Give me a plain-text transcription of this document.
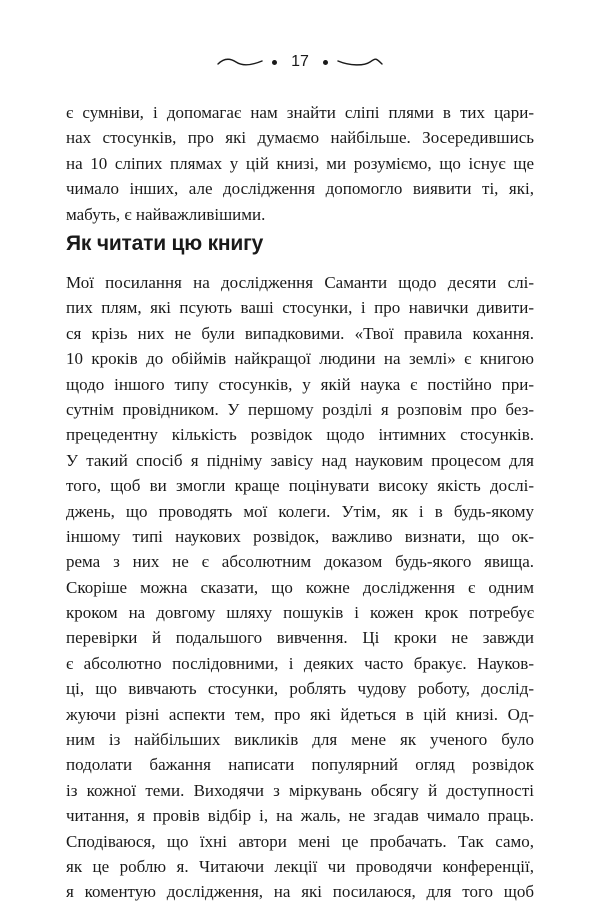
17
є сумніви, і допомагає нам знайти сліпі плями в тих цари-
нах стосунків, про які думаємо найбільше. Зосередившись
на 10 сліпих плямах у цій книзі, ми розуміємо, що існує ще
чимало інших, але дослідження допомогло виявити ті, які,
мабуть, є найважливішими.
Як читати цю книгу
Мої посилання на дослідження Саманти щодо десяти слі-
пих плям, які псують ваші стосунки, і про навички дивити-
ся крізь них не були випадковими. «Твої правила кохання.
10 кроків до обіймів найкращої людини на землі» є книгою
щодо іншого типу стосунків, у якій наука є постійно при-
сутнім провідником. У першому розділі я розповім про без-
прецедентну кількість розвідок щодо інтимних стосунків.
У такий спосіб я підніму завісу над науковим процесом для
того, щоб ви змогли краще поцінувати високу якість дослі-
джень, що проводять мої колеги. Утім, як і в будь-якому
іншому типі наукових розвідок, важливо визнати, що ок-
рема з них не є абсолютним доказом будь-якого явища.
Скоріше можна сказати, що кожне дослідження є одним
кроком на довгому шляху пошуків і кожен крок потребує
перевірки й подальшого вивчення. Ці кроки не завжди
є абсолютно послідовними, і деяких часто бракує. Науков-
ці, що вивчають стосунки, роблять чудову роботу, дослід-
жуючи різні аспекти тем, про які йдеться в цій книзі. Од-
ним із найбільших викликів для мене як ученого було
подолати бажання написати популярний огляд розвідок
із кожної теми. Виходячи з міркувань обсягу й доступності
читання, я провів відбір і, на жаль, не згадав чимало праць.
Сподіваюся, що їхні автори мені це пробачать. Так само,
як це роблю я. Читаючи лекції чи проводячи конференції,
я коментую дослідження, на які посилаюся, для того щоб
